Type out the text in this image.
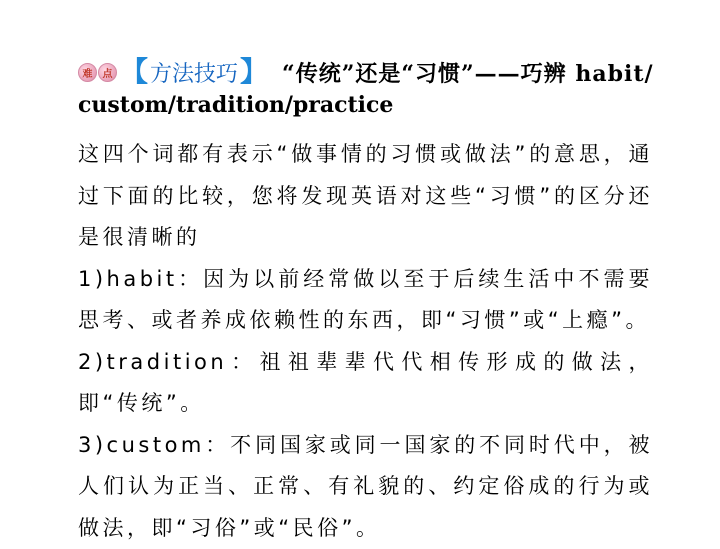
难	点 【 方法技巧 】 “传统”还是“习惯”——巧辨 habit/
custom/tradition/practice

这四个词都有表示“做事情的习惯或做法”的意思，通过下面的比较，您将发现英语对这些“习惯”的区分还是很清晰的

1)habit：因为以前经常做以至于后续生活中不需要思考、或者养成依赖性的东西，即“习惯”或“上瘾”。

2)tradition：祖祖辈辈代代相传形成的做法，即“传统”。

3)custom：不同国家或同一国家的不同时代中，被人们认为正当、正常、有礼貌的、约定俗成的行为或做法，即“习俗”或“民俗”。
